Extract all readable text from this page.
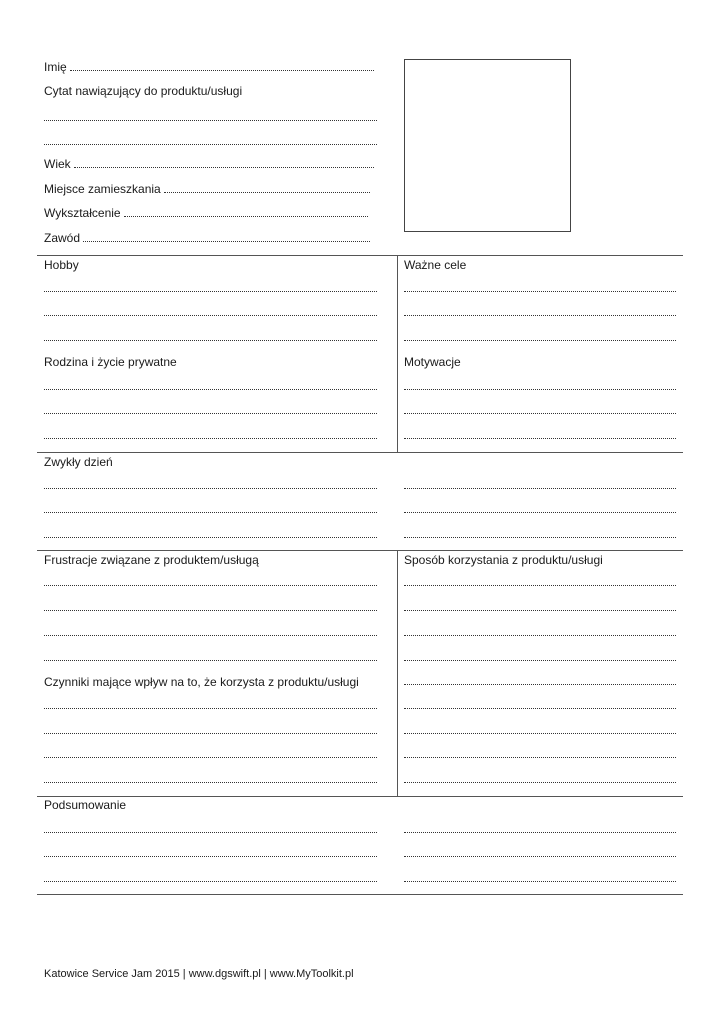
Imię
Cytat nawiązujący do produktu/usługi
Wiek
Miejsce zamieszkania
Wykształcenie
Zawód
Hobby	Ważne cele
Rodzina i życie prywatne	Motywacje
Zwykły dzień
Frustracje związane z produktem/usługą	Sposób korzystania z produktu/usługi
Czynniki mające wpływ na to, że korzysta z produktu/usługi
Podsumowanie
Katowice Service Jam 2015 | www.dgswift.pl | www.MyToolkit.pl
